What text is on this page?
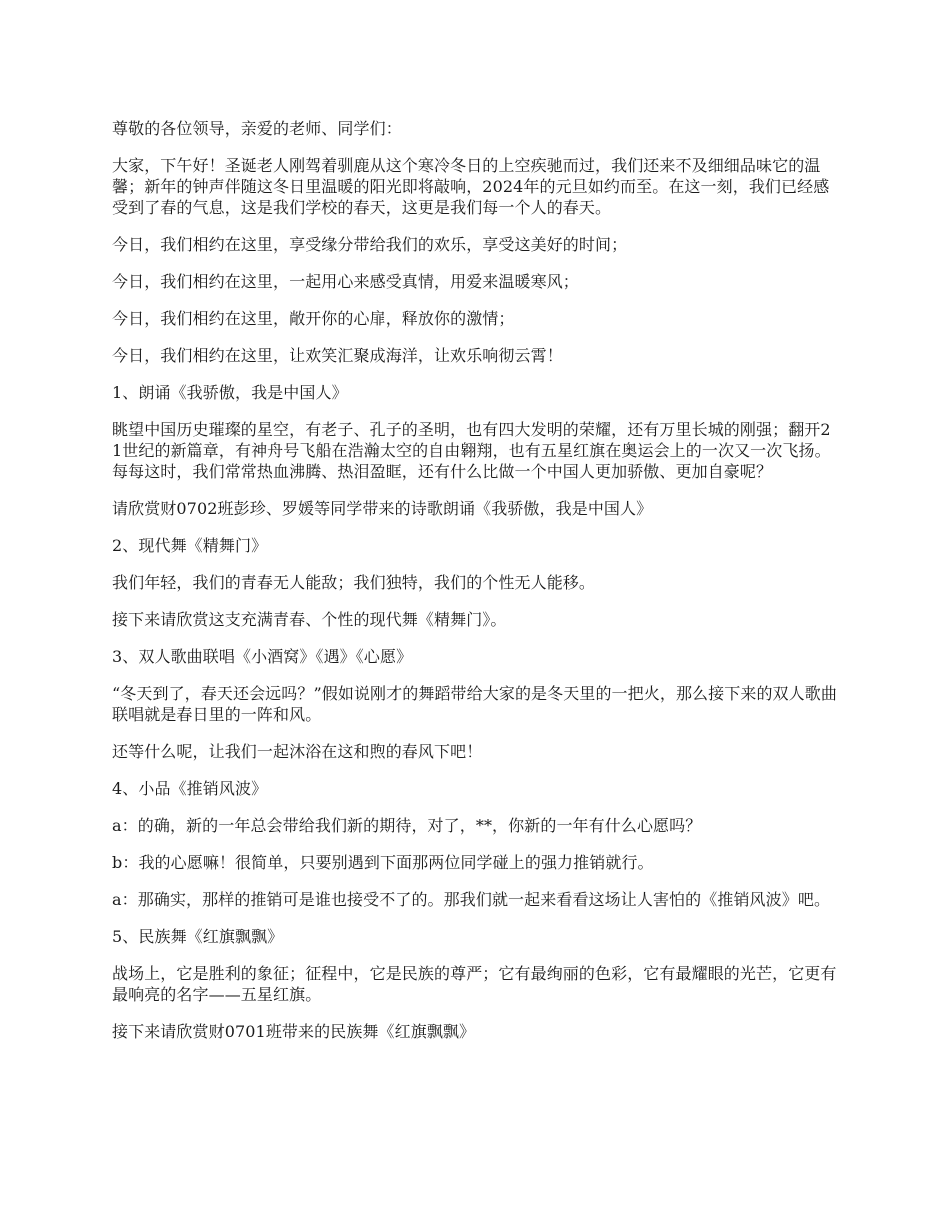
尊敬的各位领导，亲爱的老师、同学们：

大家，下午好！圣诞老人刚驾着驯鹿从这个寒冷冬日的上空疾驰而过，我们还来不及细细品味它的温馨；新年的钟声伴随这冬日里温暖的阳光即将敲响，2024年的元旦如约而至。在这一刻，我们已经感受到了春的气息，这是我们学校的春天，这更是我们每一个人的春天。

今日，我们相约在这里，享受缘分带给我们的欢乐，享受这美好的时间；

今日，我们相约在这里，一起用心来感受真情，用爱来温暖寒风；

今日，我们相约在这里，敞开你的心扉，释放你的激情；

今日，我们相约在这里，让欢笑汇聚成海洋，让欢乐响彻云霄！

1、朗诵《我骄傲，我是中国人》

眺望中国历史璀璨的星空，有老子、孔子的圣明，也有四大发明的荣耀，还有万里长城的刚强；翻开21世纪的新篇章，有神舟号飞船在浩瀚太空的自由翱翔，也有五星红旗在奥运会上的一次又一次飞扬。每每这时，我们常常热血沸腾、热泪盈眶，还有什么比做一个中国人更加骄傲、更加自豪呢？

请欣赏财0702班彭珍、罗媛等同学带来的诗歌朗诵《我骄傲，我是中国人》

2、现代舞《精舞门》

我们年轻，我们的青春无人能敌；我们独特，我们的个性无人能移。

接下来请欣赏这支充满青春、个性的现代舞《精舞门》。

3、双人歌曲联唱《小酒窝》《遇》《心愿》

“冬天到了，春天还会远吗？”假如说刚才的舞蹈带给大家的是冬天里的一把火，那么接下来的双人歌曲联唱就是春日里的一阵和风。

还等什么呢，让我们一起沐浴在这和煦的春风下吧！

4、小品《推销风波》

a：的确，新的一年总会带给我们新的期待，对了，**，你新的一年有什么心愿吗？

b：我的心愿嘛！很简单，只要别遇到下面那两位同学碰上的强力推销就行。

a：那确实，那样的推销可是谁也接受不了的。那我们就一起来看看这场让人害怕的《推销风波》吧。

5、民族舞《红旗飘飘》

战场上，它是胜利的象征；征程中，它是民族的尊严；它有最绚丽的色彩，它有最耀眼的光芒，它更有最响亮的名字——五星红旗。

接下来请欣赏财0701班带来的民族舞《红旗飘飘》
